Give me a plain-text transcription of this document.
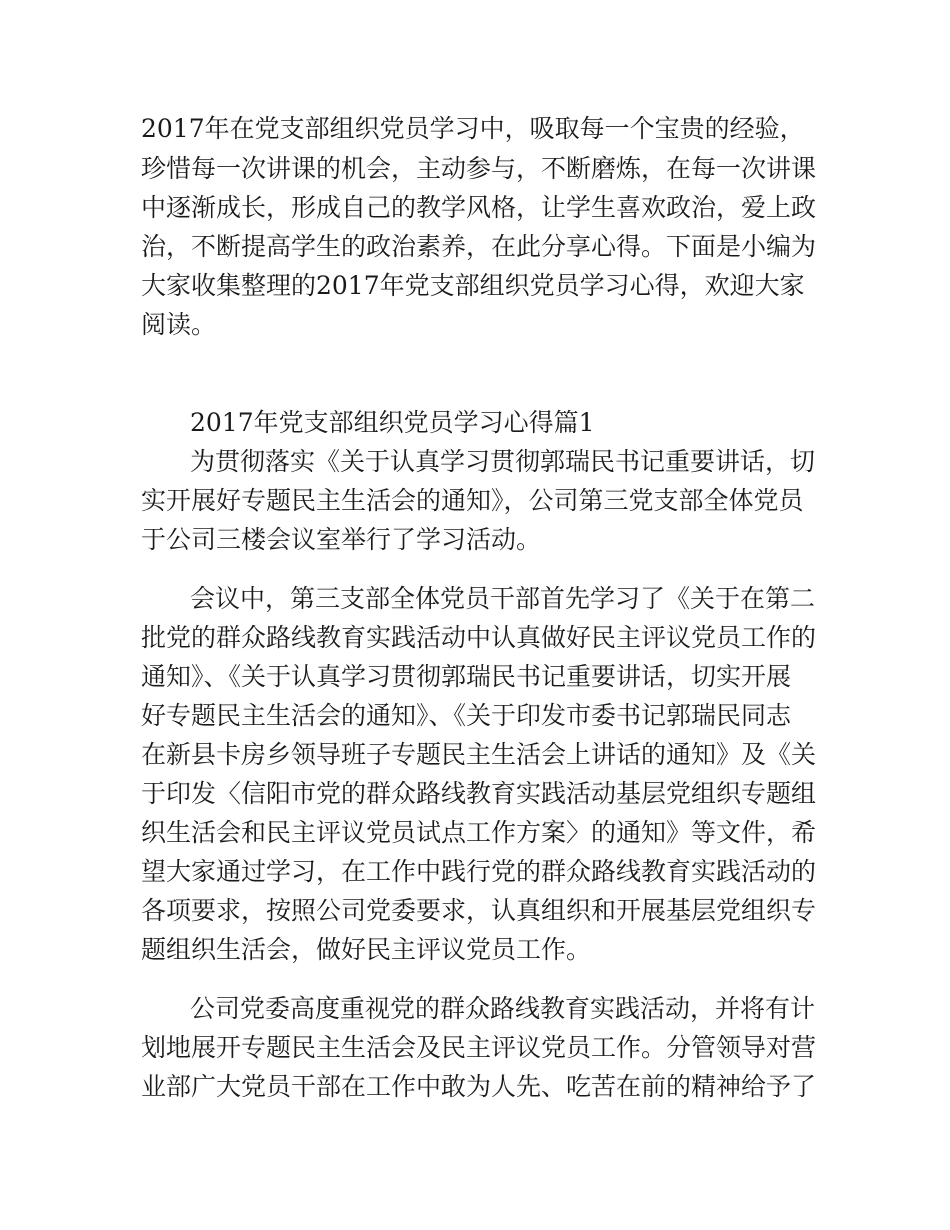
2017年在党支部组织党员学习中，吸取每一个宝贵的经验，
珍惜每一次讲课的机会，主动参与，不断磨炼，在每一次讲课
中逐渐成长，形成自己的教学风格，让学生喜欢政治，爱上政
治，不断提高学生的政治素养，在此分享心得。下面是小编为
大家收集整理的2017年党支部组织党员学习心得，欢迎大家
阅读。
2017年党支部组织党员学习心得篇1
为贯彻落实《关于认真学习贯彻郭瑞民书记重要讲话，切
实开展好专题民主生活会的通知》，公司第三党支部全体党员
于公司三楼会议室举行了学习活动。
会议中，第三支部全体党员干部首先学习了《关于在第二
批党的群众路线教育实践活动中认真做好民主评议党员工作的
通知》、《关于认真学习贯彻郭瑞民书记重要讲话，切实开展
好专题民主生活会的通知》、《关于印发市委书记郭瑞民同志
在新县卡房乡领导班子专题民主生活会上讲话的通知》及《关
于印发〈信阳市党的群众路线教育实践活动基层党组织专题组
织生活会和民主评议党员试点工作方案〉的通知》等文件，希
望大家通过学习，在工作中践行党的群众路线教育实践活动的
各项要求，按照公司党委要求，认真组织和开展基层党组织专
题组织生活会，做好民主评议党员工作。
公司党委高度重视党的群众路线教育实践活动，并将有计
划地展开专题民主生活会及民主评议党员工作。分管领导对营
业部广大党员干部在工作中敢为人先、吃苦在前的精神给予了
